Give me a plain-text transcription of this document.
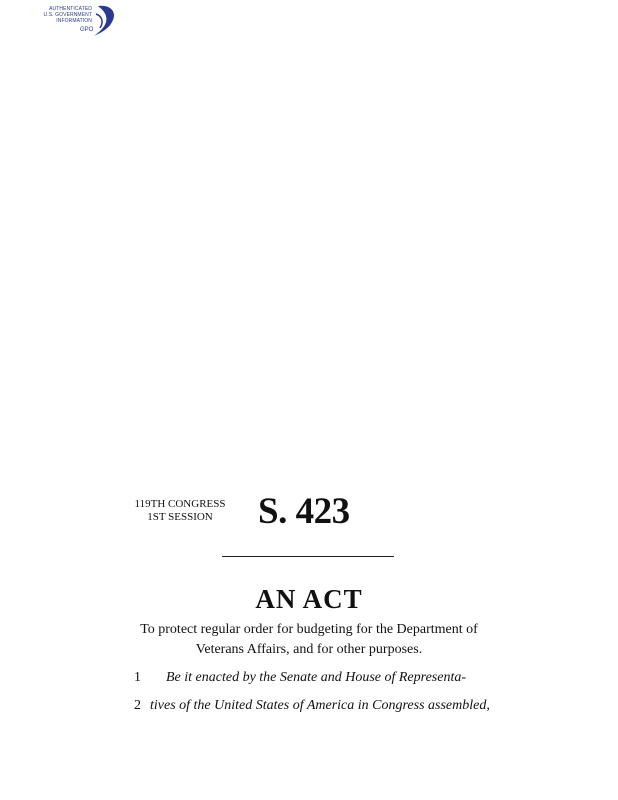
AUTHENTICATED
U.S. GOVERNMENT
INFORMATION
GPO
119TH CONGRESS
1ST SESSION	S. 423
AN ACT
To protect regular order for budgeting for the Department of Veterans Affairs, and for other purposes.
1 Be it enacted by the Senate and House of Representa-
2 tives of the United States of America in Congress assembled,
